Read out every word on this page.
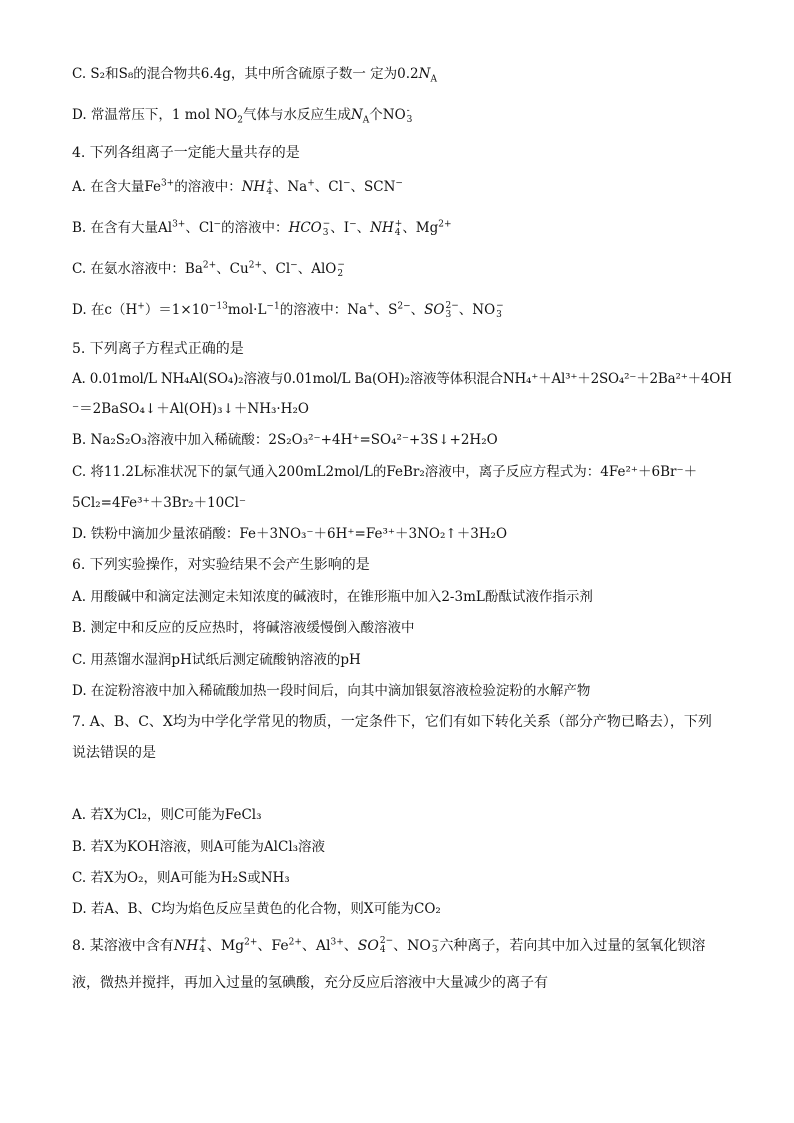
C. S₂和S₈的混合物共6.4g，其中所含硫原子数一 定为$0.2N_A$
D. 常温常压下，1 mol $NO_2$气体与水反应生成$N_A$个NO -
3
4. 下列各组离子一定能大量共存的是
A. 在含大量$Fe^{3+}$的溶液中：NH +
4 、Na+、Cl−、SCN−
B. 在含有大量$Al^{3+}$、Cl−的溶液中：HCO −
3 、I−、NH +
4 、$Mg^{2+}$
C. 在氨水溶液中：$Ba^{2+}$、$Cu^{2+}$、Cl−、AlO −
2
D. 在$c(H^+)=1\times 10^{-13}mol\cdot L^{-1}$的溶液中：Na+、$S^{2-}$、SO 2−
3 、NO −
3
5. 下列离子方程式正确的是
A. 0.01mol/L NH₄Al(SO₄)₂溶液与0.01mol/L Ba(OH)₂溶液等体积混合NH₄⁺＋Al³⁺＋2SO₄²⁻＋2Ba²⁺＋4OH
⁻＝2BaSO₄↓＋Al(OH)₃↓＋NH₃·H₂O
B. Na₂S₂O₃溶液中加入稀硫酸：2S₂O₃²⁻+4H⁺=SO₄²⁻+3S↓+2H₂O
C. 将11.2L标准状况下的氯气通入200mL2mol/L的FeBr₂溶液中，离子反应方程式为：4Fe²⁺＋6Br⁻＋
5Cl₂=4Fe³⁺＋3Br₂＋10Cl⁻
D. 铁粉中滴加少量浓硝酸：Fe＋3NO₃⁻＋6H⁺=Fe³⁺＋3NO₂↑＋3H₂O
6. 下列实验操作，对实验结果不会产生影响的是
A. 用酸碱中和滴定法测定未知浓度的碱液时，在锥形瓶中加入2-3mL酚酞试液作指示剂
B. 测定中和反应的反应热时，将碱溶液缓慢倒入酸溶液中
C. 用蒸馏水湿润pH试纸后测定硫酸钠溶液的pH
D. 在淀粉溶液中加入稀硫酸加热一段时间后，向其中滴加银氨溶液检验淀粉的水解产物
7. A、B、C、X均为中学化学常见的物质，一定条件下，它们有如下转化关系（部分产物已略去），下列
说法错误的是
A. 若X为Cl₂，则C可能为FeCl₃
B. 若X为KOH溶液，则A可能为AlCl₃溶液
C. 若X为O₂，则A可能为H₂S或NH₃
D. 若A、B、C均为焰色反应呈黄色的化合物，则X可能为CO₂
8. 某溶液中含有NH +
4 、$Mg^{2+}$、$Fe^{2+}$、$Al^{3+}$、SO 2−
4 、NO −
3 六种离子，若向其中加入过量的氢氧化钡溶
液，微热并搅拌，再加入过量的氢碘酸，充分反应后溶液中大量减少的离子有
